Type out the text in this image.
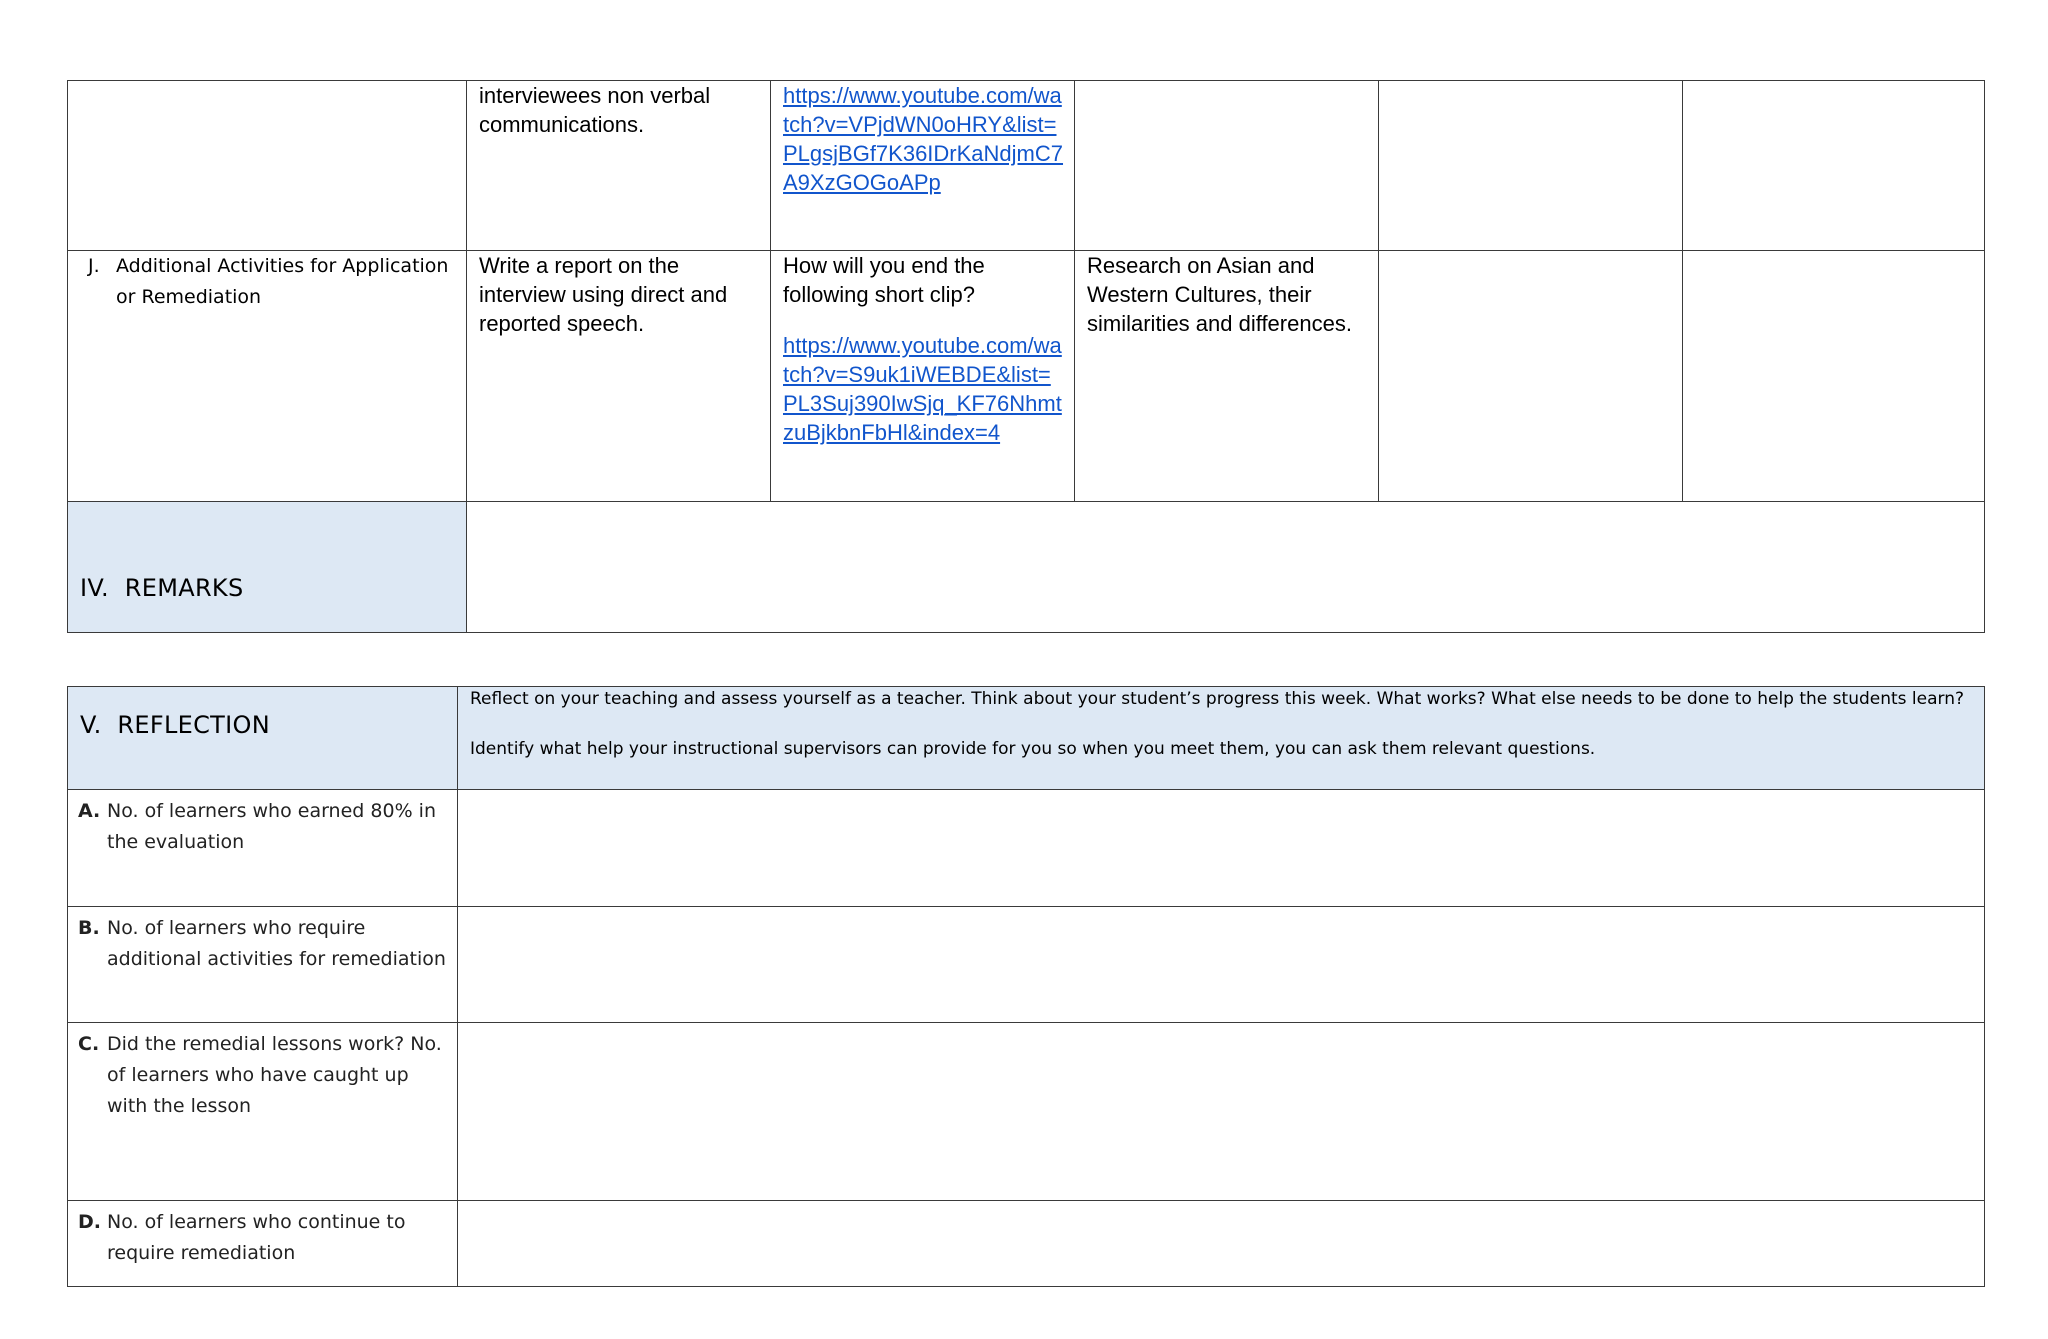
interviewees non verbal communications.
https://www.youtube.com/watch?v=VPjdWN0oHRY&list=PLgsjBGf7K36IDrKaNdjmC7A9XzGOGoAPp
J. Additional Activities for Application or Remediation
Write a report on the interview using direct and reported speech.
How will you end the following short clip?
https://www.youtube.com/watch?v=S9uk1iWEBDE&list=PL3Suj390IwSjq_KF76NhmtzuBjkbnFbHl&index=4
Research on Asian and Western Cultures, their similarities and differences.
IV. REMARKS
V. REFLECTION
Reflect on your teaching and assess yourself as a teacher. Think about your student’s progress this week. What works? What else needs to be done to help the students learn?
Identify what help your instructional supervisors can provide for you so when you meet them, you can ask them relevant questions.
A. No. of learners who earned 80% in the evaluation
B. No. of learners who require additional activities for remediation
C. Did the remedial lessons work? No. of learners who have caught up with the lesson
D. No. of learners who continue to require remediation
